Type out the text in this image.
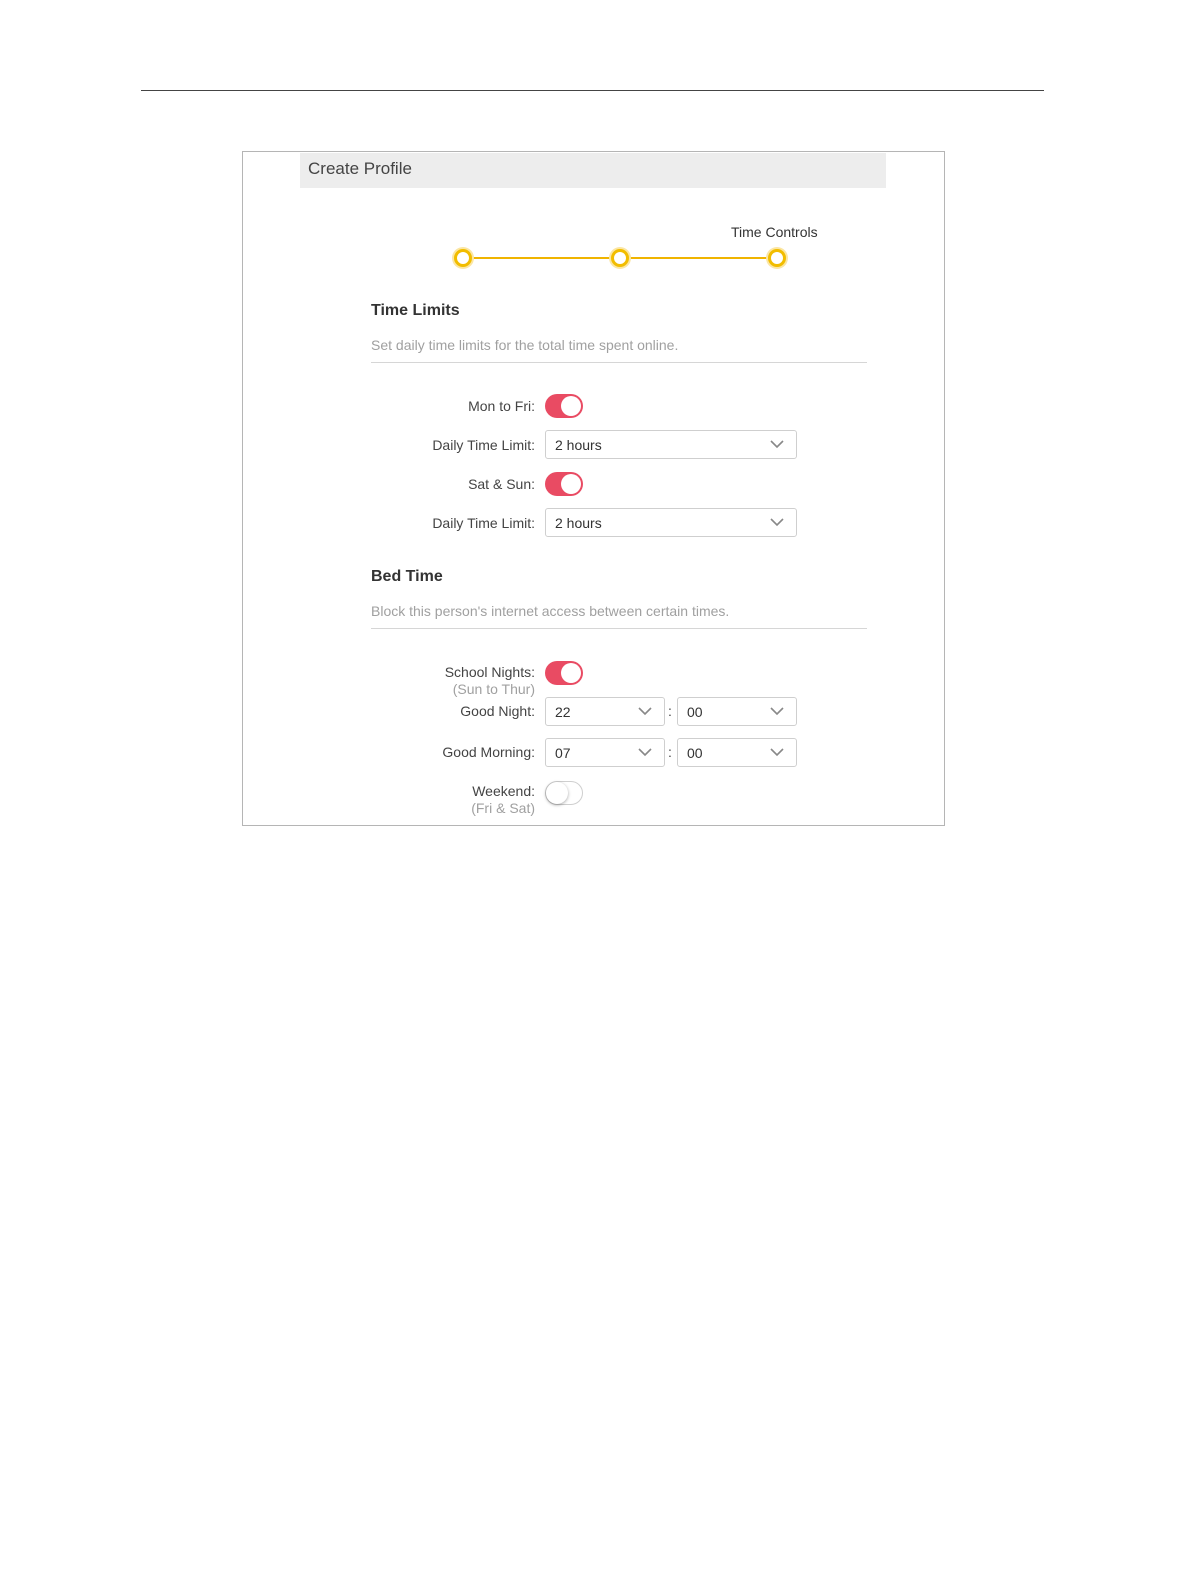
Create Profile
Time Controls
Time Limits
Set daily time limits for the total time spent online.
Mon to Fri:
Daily Time Limit: 2 hours
Sat & Sun:
Daily Time Limit: 2 hours
Bed Time
Block this person's internet access between certain times.
School Nights:
(Sun to Thur)
Good Night: 22	: 00
Good Morning: 07	: 00
Weekend:
(Fri & Sat)
